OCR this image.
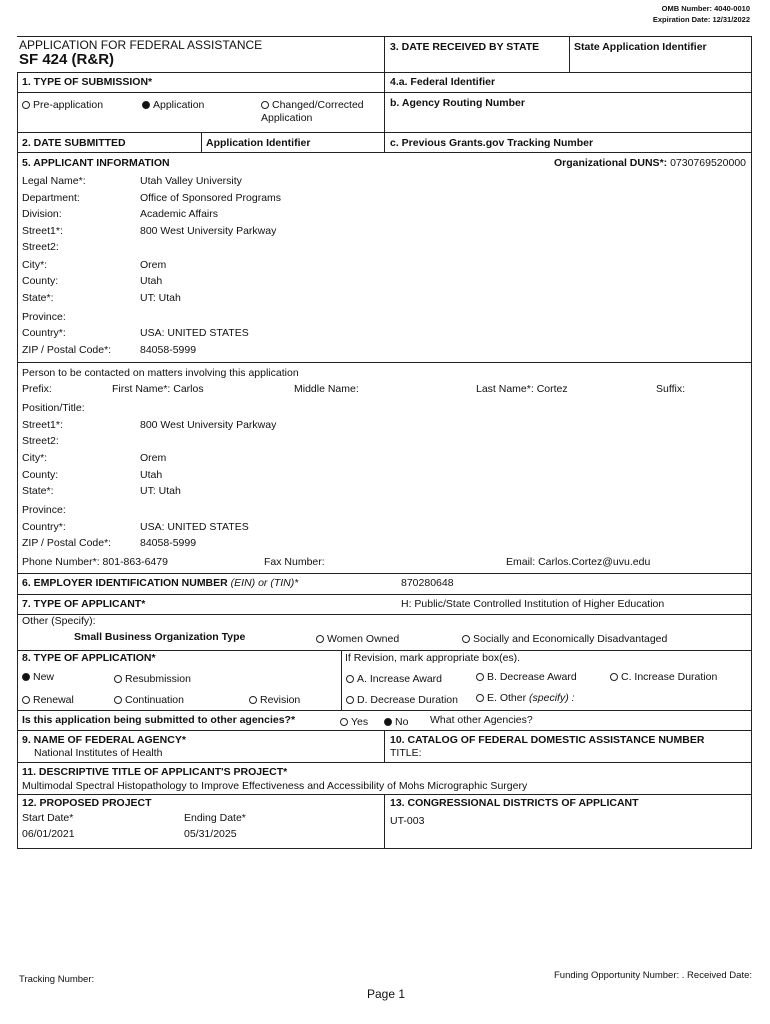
OMB Number: 4040-0010
Expiration Date: 12/31/2022
APPLICATION FOR FEDERAL ASSISTANCE
SF 424 (R&R)
3. DATE RECEIVED BY STATE	State Application Identifier
1. TYPE OF SUBMISSION*
Pre-application	Application	Changed/Corrected
Application
4.a. Federal Identifier
b. Agency Routing Number
c. Previous Grants.gov Tracking Number
2. DATE SUBMITTED	Application Identifier
5. APPLICANT INFORMATION	Organizational DUNS*: 0730769520000
Legal Name*:	Utah Valley University
Department:	Office of Sponsored Programs
Division:	Academic Affairs
Street1*:	800 West University Parkway
Street2:
City*:	Orem
County:	Utah
State*:	UT: Utah
Province:
Country*:	USA: UNITED STATES
ZIP / Postal Code*:	84058-5999
Person to be contacted on matters involving this application
Prefix:	First Name*: Carlos	Middle Name:	Last Name*: Cortez	Suffix:
Position/Title:
Street1*:	800 West University Parkway
Street2:
City*:	Orem
County:	Utah
State*:	UT: Utah
Province:
Country*:	USA: UNITED STATES
ZIP / Postal Code*:	84058-5999
Phone Number*: 801-863-6479	Fax Number:	Email: Carlos.Cortez@uvu.edu
6. EMPLOYER IDENTIFICATION NUMBER (EIN) or (TIN)*	870280648
7. TYPE OF APPLICANT*	H: Public/State Controlled Institution of Higher Education
Other (Specify):
Small Business Organization Type	Women Owned	Socially and Economically Disadvantaged
8. TYPE OF APPLICATION*	If Revision, mark appropriate box(es).
New	Resubmission	A. Increase Award	B. Decrease Award	C. Increase Duration
Renewal	Continuation	Revision	D. Decrease Duration	E. Other (specify) :
Is this application being submitted to other agencies?*	Yes	No What other Agencies?
9. NAME OF FEDERAL AGENCY*
National Institutes of Health
10. CATALOG OF FEDERAL DOMESTIC ASSISTANCE NUMBER
TITLE:
11. DESCRIPTIVE TITLE OF APPLICANT'S PROJECT*
Multimodal Spectral Histopathology to Improve Effectiveness and Accessibility of Mohs Micrographic Surgery
12. PROPOSED PROJECT
Start Date*	Ending Date*
06/01/2021	05/31/2025
13. CONGRESSIONAL DISTRICTS OF APPLICANT
UT-003
Tracking Number:	Funding Opportunity Number: . Received Date:
Page 1
